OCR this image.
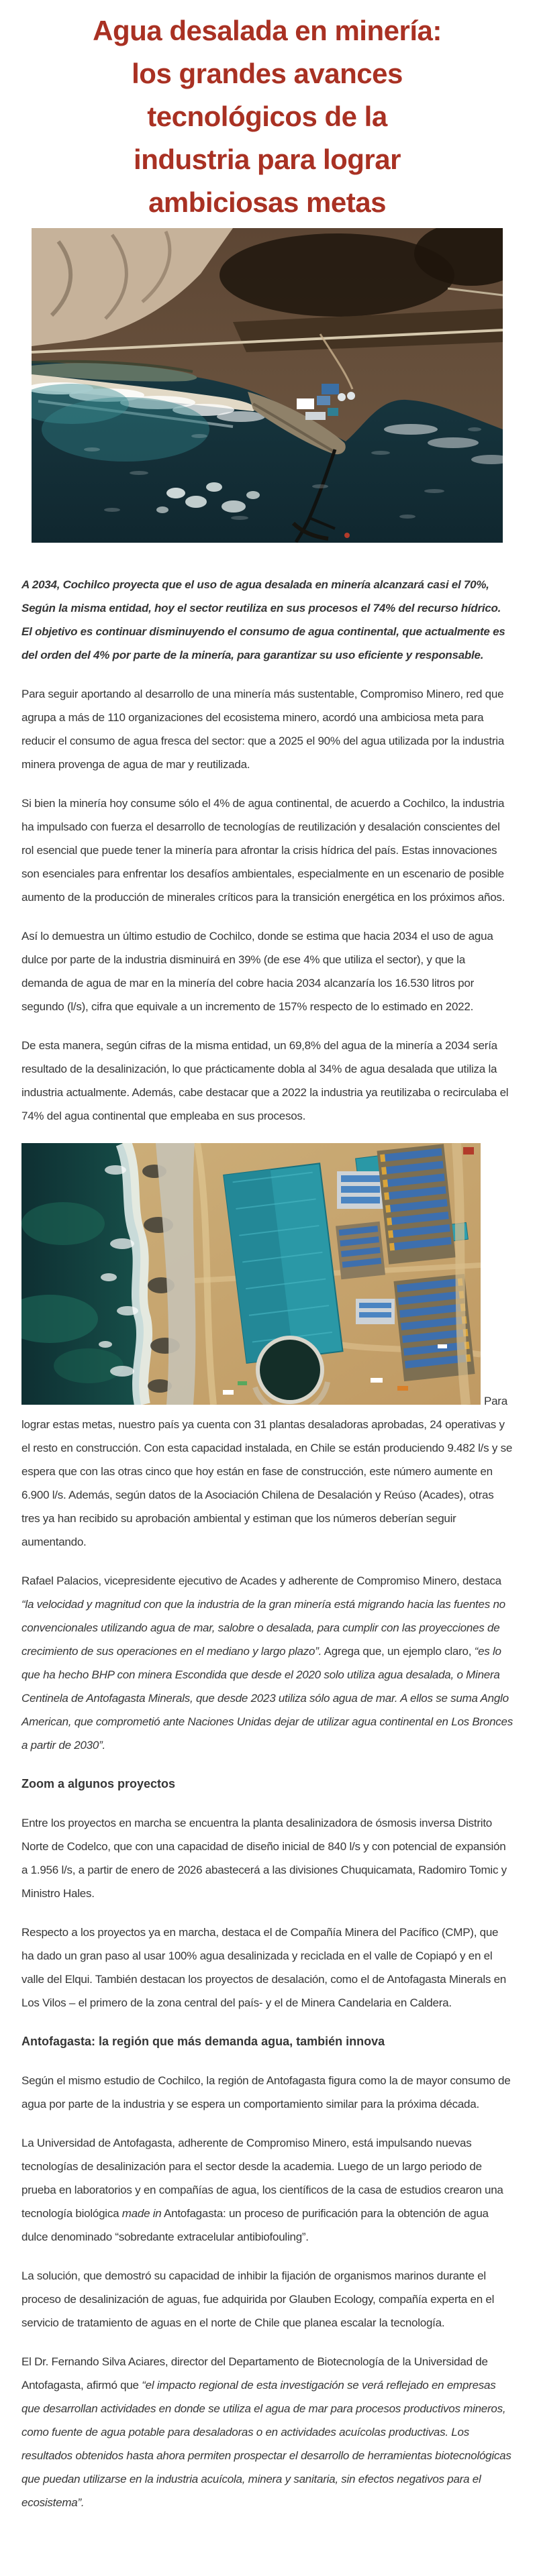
Agua desalada en minería:
los grandes avances
tecnológicos de la
industria para lograr
ambiciosas metas

A 2034, Cochilco proyecta que el uso de agua desalada en minería alcanzará casi el 70%, Según la misma entidad, hoy el sector reutiliza en sus procesos el 74% del recurso hídrico. El objetivo es continuar disminuyendo el consumo de agua continental, que actualmente es del orden del 4% por parte de la minería, para garantizar su uso eficiente y responsable.

Para seguir aportando al desarrollo de una minería más sustentable, Compromiso Minero, red que agrupa a más de 110 organizaciones del ecosistema minero, acordó una ambiciosa meta para reducir el consumo de agua fresca del sector: que a 2025 el 90% del agua utilizada por la industria minera provenga de agua de mar y reutilizada.

Si bien la minería hoy consume sólo el 4% de agua continental, de acuerdo a Cochilco, la industria ha impulsado con fuerza el desarrollo de tecnologías de reutilización y desalación conscientes del rol esencial que puede tener la minería para afrontar la crisis hídrica del país. Estas innovaciones son esenciales para enfrentar los desafíos ambientales, especialmente en un escenario de posible aumento de la producción de minerales críticos para la transición energética en los próximos años.

Así lo demuestra un último estudio de Cochilco, donde se estima que hacia 2034 el uso de agua dulce por parte de la industria disminuirá en 39% (de ese 4% que utiliza el sector), y que la demanda de agua de mar en la minería del cobre hacia 2034 alcanzaría los 16.530 litros por segundo (l/s), cifra que equivale a un incremento de 157% respecto de lo estimado en 2022.

De esta manera, según cifras de la misma entidad, un 69,8% del agua de la minería a 2034 sería resultado de la desalinización, lo que prácticamente dobla al 34% de agua desalada que utiliza la industria actualmente. Además, cabe destacar que a 2022 la industria ya reutilizaba o recirculaba el 74% del agua continental que empleaba en sus procesos.

Para lograr estas metas, nuestro país ya cuenta con 31 plantas desaladoras aprobadas, 24 operativas y el resto en construcción. Con esta capacidad instalada, en Chile se están produciendo 9.482 l/s y se espera que con las otras cinco que hoy están en fase de construcción, este número aumente en 6.900 l/s. Además, según datos de la Asociación Chilena de Desalación y Reúso (Acades), otras tres ya han recibido su aprobación ambiental y estiman que los números deberían seguir aumentando.

Rafael Palacios, vicepresidente ejecutivo de Acades y adherente de Compromiso Minero, destaca “la velocidad y magnitud con que la industria de la gran minería está migrando hacia las fuentes no convencionales utilizando agua de mar, salobre o desalada, para cumplir con las proyecciones de crecimiento de sus operaciones en el mediano y largo plazo”. Agrega que, un ejemplo claro, “es lo que ha hecho BHP con minera Escondida que desde el 2020 solo utiliza agua desalada, o Minera Centinela de Antofagasta Minerals, que desde 2023 utiliza sólo agua de mar. A ellos se suma Anglo American, que comprometió ante Naciones Unidas dejar de utilizar agua continental en Los Bronces a partir de 2030”.

Zoom a algunos proyectos

Entre los proyectos en marcha se encuentra la planta desalinizadora de ósmosis inversa Distrito Norte de Codelco, que con una capacidad de diseño inicial de 840 l/s y con potencial de expansión a 1.956 l/s, a partir de enero de 2026 abastecerá a las divisiones Chuquicamata, Radomiro Tomic y Ministro Hales.

Respecto a los proyectos ya en marcha, destaca el de Compañía Minera del Pacífico (CMP), que ha dado un gran paso al usar 100% agua desalinizada y reciclada en el valle de Copiapó y en el valle del Elqui. También destacan los proyectos de desalación, como el de Antofagasta Minerals en Los Vilos – el primero de la zona central del país- y el de Minera Candelaria en Caldera.

Antofagasta: la región que más demanda agua, también innova

Según el mismo estudio de Cochilco, la región de Antofagasta figura como la de mayor consumo de agua por parte de la industria y se espera un comportamiento similar para la próxima década.

La Universidad de Antofagasta, adherente de Compromiso Minero, está impulsando nuevas tecnologías de desalinización para el sector desde la academia. Luego de un largo periodo de prueba en laboratorios y en compañías de agua, los científicos de la casa de estudios crearon una tecnología biológica made in Antofagasta: un proceso de purificación para la obtención de agua dulce denominado “sobredante extracelular antibiofouling”.

La solución, que demostró su capacidad de inhibir la fijación de organismos marinos durante el proceso de desalinización de aguas, fue adquirida por Glauben Ecology, compañía experta en el servicio de tratamiento de aguas en el norte de Chile que planea escalar la tecnología.

El Dr. Fernando Silva Aciares, director del Departamento de Biotecnología de la Universidad de Antofagasta, afirmó que “el impacto regional de esta investigación se verá reflejado en empresas que desarrollan actividades en donde se utiliza el agua de mar para procesos productivos mineros, como fuente de agua potable para desaladoras o en actividades acuícolas productivas. Los resultados obtenidos hasta ahora permiten prospectar el desarrollo de herramientas biotecnológicas que puedan utilizarse en la industria acuícola, minera y sanitaria, sin efectos negativos para el ecosistema”.
